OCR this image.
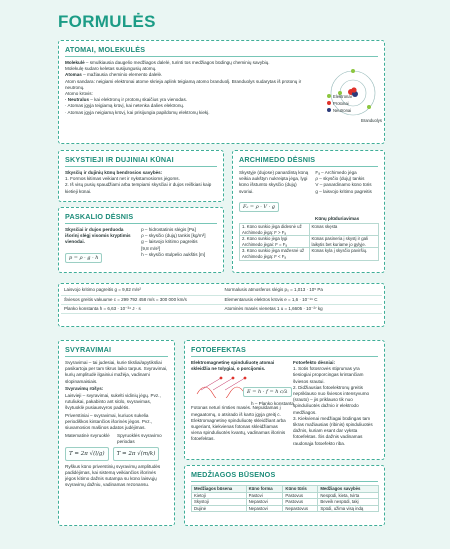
FORMULĖS
ATOMAI, MOLEKULĖS
Molekulė – smulkiausia daugelio medžiagos dalelė, turinti tos medžiagos būdingų cheminių savybių.
Molekulę sudaro keletas susijungusių atomų.
Atomas – mažiausia cheminio elemento dalelė.
Atom sandara: neigiami elektronai atome skrieja aplink teigiamą atomo branduolį. Branduolys sudarytas iš protonų ir neutronų.
Atomo krūvis:
· Neutralus – kai elektronų ir protonų skaičius yra vienodas.
· Atomas įgyja teigiamą krūvį, kai netenka dalies elektronų.
· Atomas įgyja neigiamą krūvį, kai prisijungia papildomų elektronų kiekį.
Branduolys
Elektronai
Protonai
Neutronai
SKYSTIEJI IR DUJINIAI KŪNAI
Skysčių ir dujinių kūnų bendrosios savybės:
1. Formos kitimas veikiant net ir nykstamosioms jėgoms.
2. Iš visų pusių spaudžiami arba tempiami skysčiai ir dujos reiškiasi kaip kietieji kūnai.
PASKALIO DĖSNIS
Skysčiai ir dujos perduoda išorinį slėgį visomis kryptimis vienodai.
p = ρ · g · h
p – hidrostatinis slėgis [Pa]
ρ – skysčio (dujų) tankis [kg/m³]
g – laisvojo kritimo pagreitis
[9,8 m/s²]
h – skysčio stulpelio aukštis [m]
ARCHIMEDO DĖSNIS
Skystyje (dujose) panardintą kūną veikia aukštyn nukreipta jėga, lygi kūno išstumto skysčio (dujų) svoriui.
Fₐ = ρ · V · g
Fₐ – Archimedo jėga
ρ – skysčio (dujų) tankis
V – panardinamo kūno tūris
g – laisvojo kritimo pagreitis
Kūnų plūduriavimas
1. Kūno sunkio jėga didesnė už Archimedo jėgą: F > Fₐ	Kūnas skęsta
2. Kūno sunkio jėga lygi Archimedo jėgai: F = Fₐ	Kūnas pasineria į skystį ir gali laikytis bet kuriame jo gylyje.
3. Kūno sunkio jėga mažesnė už Archimedo jėgą: F < Fₐ	Kūnas kyla į skysčio paviršių.
Laisvojo kritimo pagreitis g = 9,82 m/s²	Normalusis atmosferos slėgis p₀ = 1,013 · 10⁵ Pa
Šviesos greitis vakuume c = 299 792 458 m/s = 300 000 km/s	Elementarusis elektros krūvis e = 1,6 · 10⁻¹⁹ C
Planko konstanta h = 6,63 · 10⁻³⁴ J · s	Atominės masės vienetas 1 u = 1,6605 · 10⁻²⁷ kg
SVYRAVIMAI
Svyravimai – tai judesiai, kurie tiksliai/apytiksliai pasikartoja per tam tikrus laiko tarpus. Svyravimai, kurių amplitudė ilgainiui mažėja, vadinami slopinamaisiais.
Svyravimų rūšys:
Laisvieji – svyravimai, sukelti vidinių jėgų. Pvz., rutuliukai, pakabinto ant siūlo, svyravimas, švytuoklė pusiausvyros padėtis.
Priverstiniai – svyravimai, kuriuos sukelia periodiškos kintančios išorinės jėgos. Pvz., siuvamosios mašinos adatos judėjimas.
Matematinė svyruoklė	Spyruoklės svyravimo periodas
T = 2π √(l/g)	T = 2π √(m/k)
Ryškus kūno priverstinių svyravimų amplitudės padidėjimas, kai sistemą veikiančios išorinės jėgos kitimo dažnis sutampa su kūno laisvųjų svyravimų dažniu, vadinamas rezonansu.
FOTOEFEKTAS
Elektromagnetinę spinduliuotę atomai skleidžia ne tolygiai, o porcijomis.
E = h · f = h c/λ
h – Planko konstanta
Fotonas neturi rimties masės. Nepuldamas į megaatomų, o atsirado iš karto įgyja greitį c. Elektromagnetinę spinduliuotę skleidžiant arba sugeriant, kiekvienas fotonas skleidžiamas viena spinduliuotės kvantų, vadinamas išorinis fotoefektas.
Fotoefekto dėsniai:
1. Sotis fotosrovės stiprumas yra tiesiogiai proporcingas krintančiam šviesos srautui.
2. Didžiausias fotoelektronų greitis nepriklauso nuo šviesos intensyvumo (srauto) – jis priklauso tik nuo spinduliuotės dažnio ir elektrodo medžiagos.
3. Kiekvienai medžiagai būdingas tam tikras mažiausias (ribinis) spinduliuotės dažnis, kuriam esant dar vyksta fotoefektas. Šis dažnis vadinamas raudonąja fotoefekto riba.
MEDŽIAGOS BŪSENOS
Medžiagos būsena	Kūno forma	Kūno tūris	Medžiagos savybės
Kietoji	Pastovi	Pastovus	Nespūdi, kieta, tvirta
Skystoji	Nepastovi	Pastovus	Beveik nespūdi, takį
Dujinė	Nepastovi	Nepastovus	Spūdi, užima visą indą
